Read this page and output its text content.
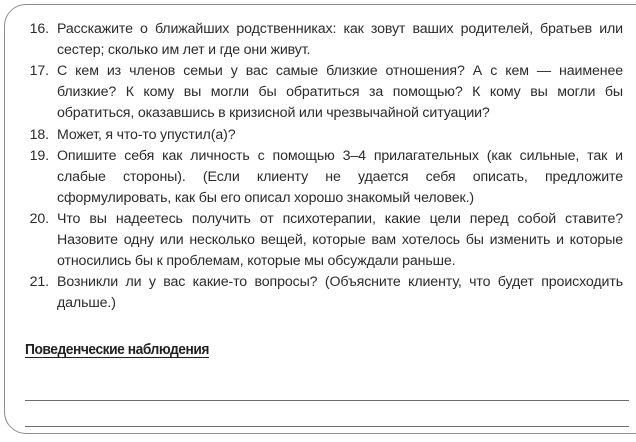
16. Расскажите о ближайших родственниках: как зовут ваших родителей, братьев или сестер; сколько им лет и где они живут.
17. С кем из членов семьи у вас самые близкие отношения? А с кем — наименее близкие? К кому вы могли бы обратиться за помощью? К кому вы могли бы обратиться, оказавшись в кризисной или чрезвычайной ситуации?
18. Может, я что-то упустил(а)?
19. Опишите себя как личность с помощью 3–4 прилагательных (как сильные, так и слабые стороны). (Если клиенту не удается себя описать, предложите сформулировать, как бы его описал хорошо знакомый человек.)
20. Что вы надеетесь получить от психотерапии, какие цели перед собой ставите? Назовите одну или несколько вещей, которые вам хотелось бы изменить и которые относились бы к проблемам, которые мы обсуждали раньше.
21. Возникли ли у вас какие-то вопросы? (Объясните клиенту, что будет происходить дальше.)
Поведенческие наблюдения
